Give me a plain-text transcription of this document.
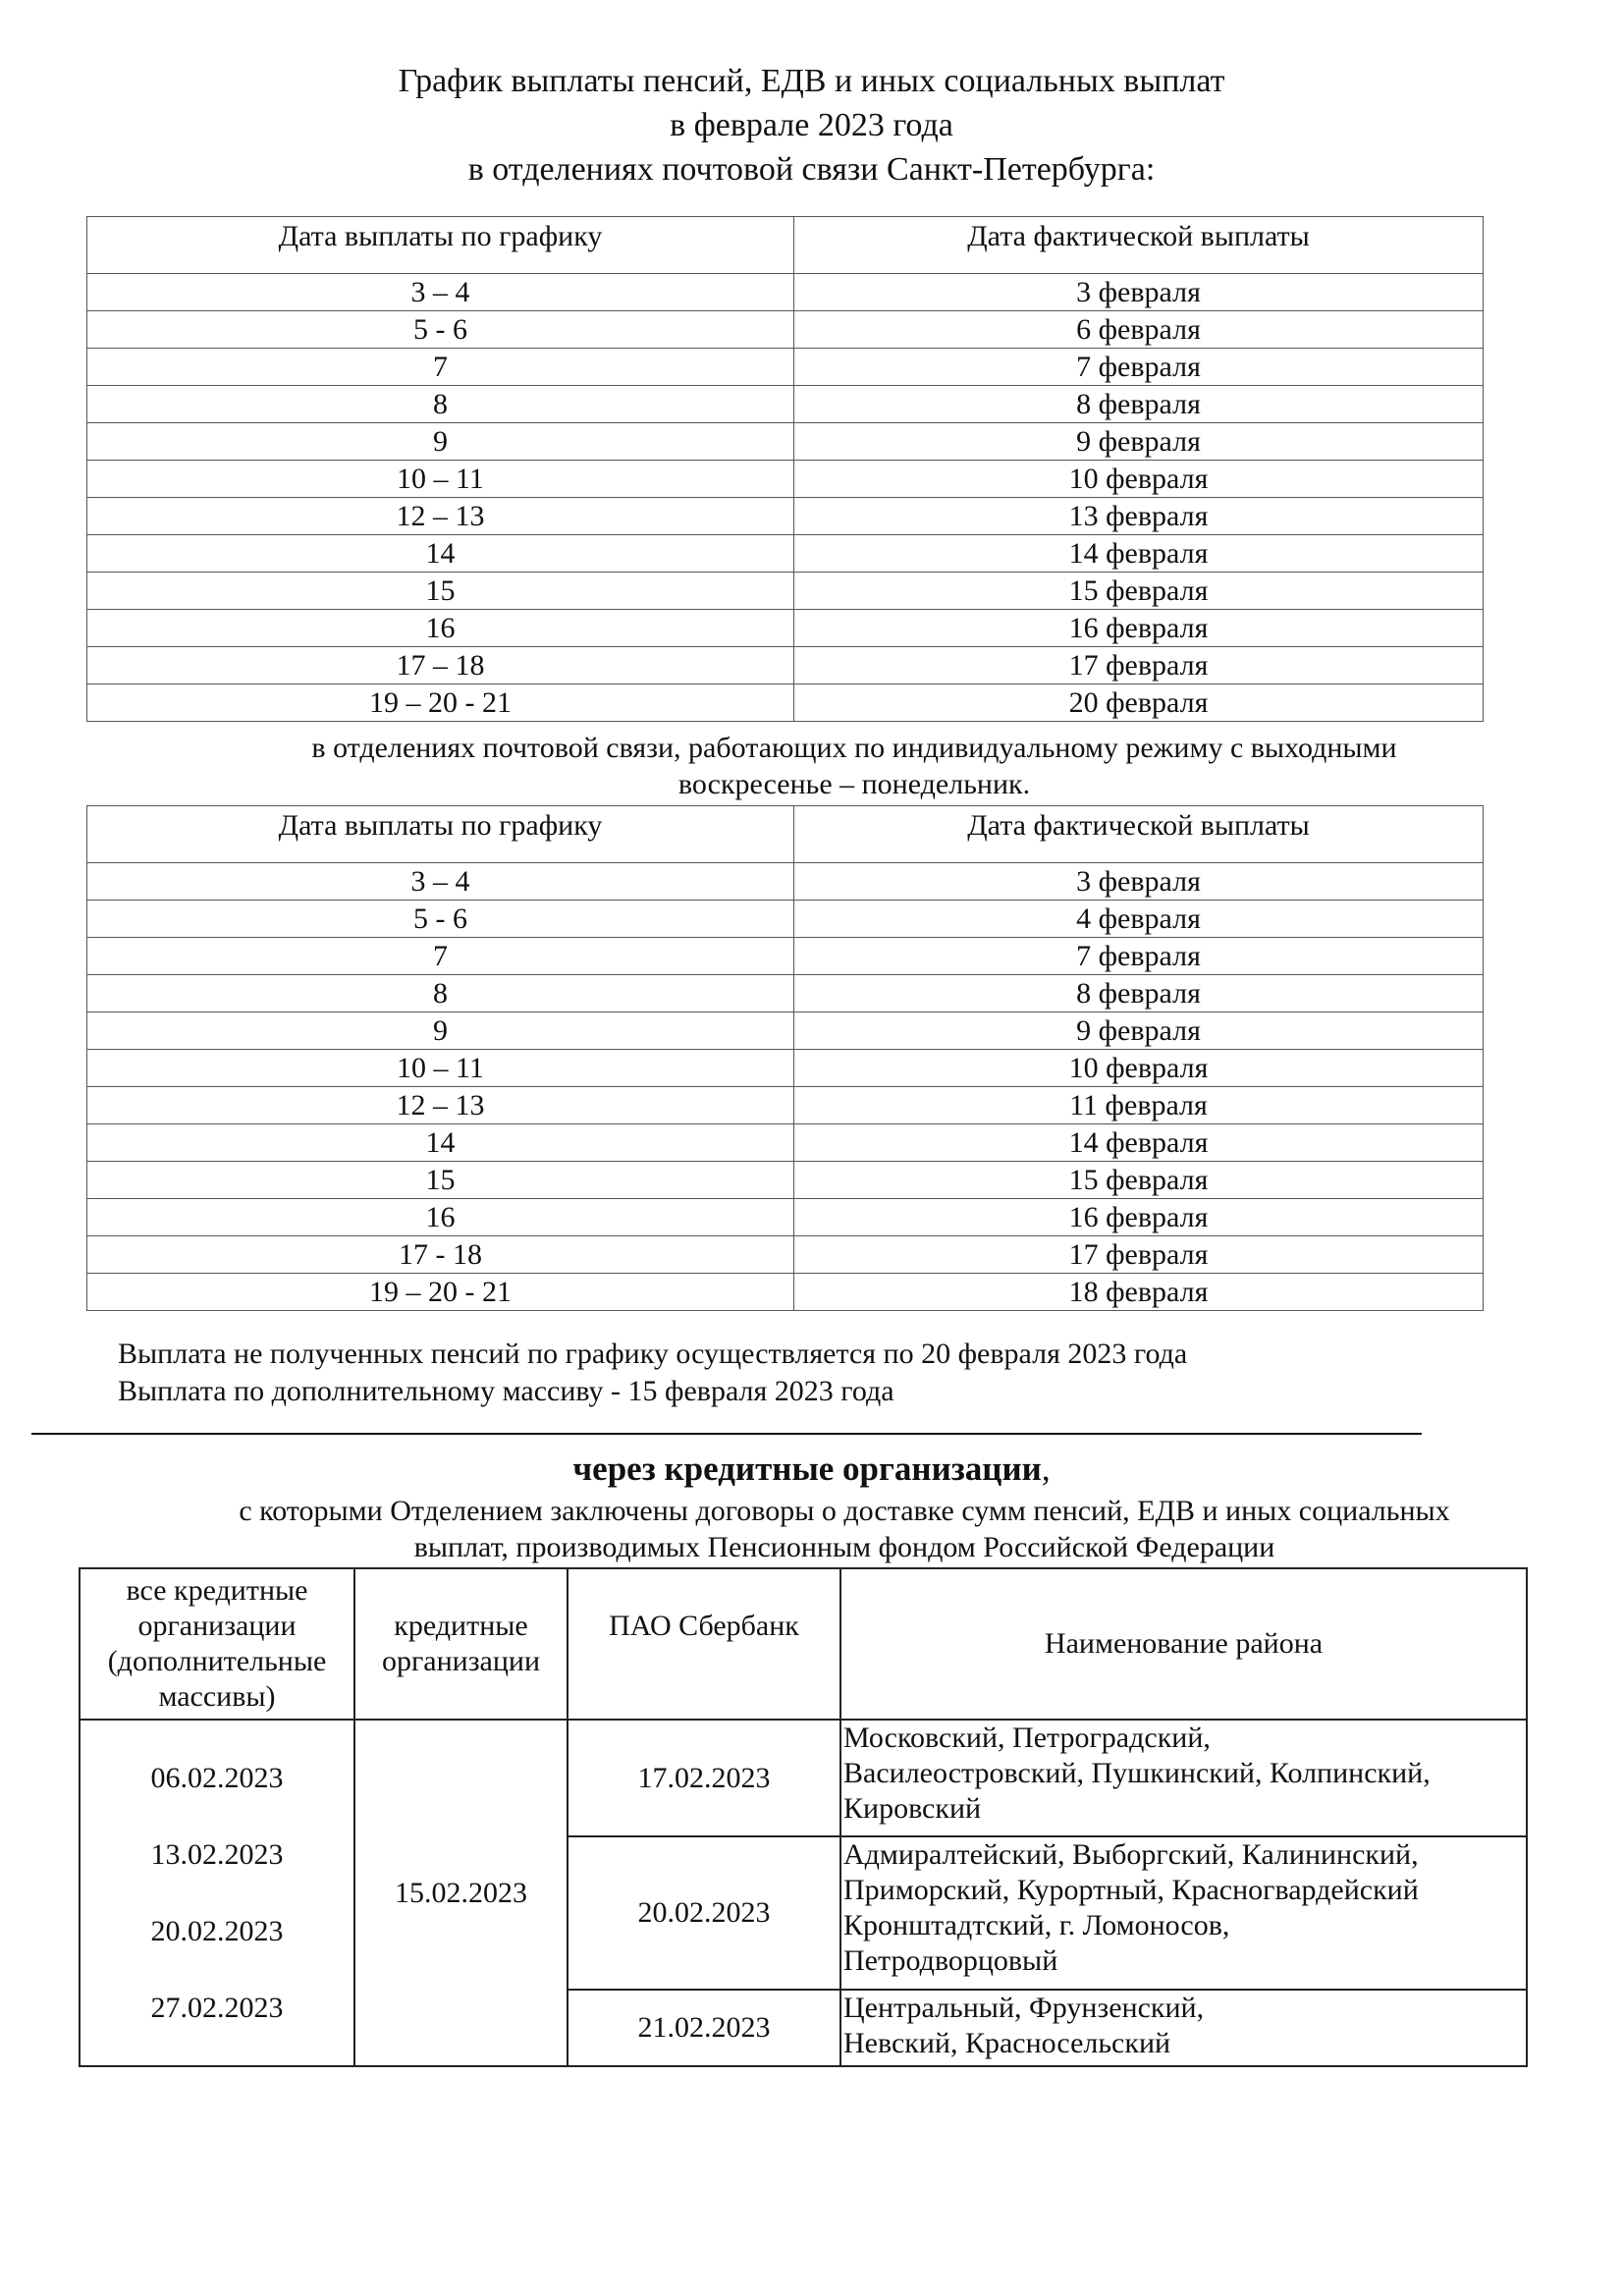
График выплаты пенсий, ЕДВ и иных социальных выплат
в феврале 2023 года
в отделениях почтовой связи Санкт-Петербурга:
Дата выплаты по графику	Дата фактической выплаты
3 – 4	3 февраля
5 - 6	6 февраля
7	7 февраля
8	8 февраля
9	9 февраля
10 – 11	10 февраля
12 – 13	13 февраля
14	14 февраля
15	15 февраля
16	16 февраля
17 – 18	17 февраля
19 – 20 - 21	20 февраля
в отделениях почтовой связи, работающих по индивидуальному режиму с выходными
воскресенье – понедельник.
Дата выплаты по графику	Дата фактической выплаты
3 – 4	3 февраля
5 - 6	4 февраля
7	7 февраля
8	8 февраля
9	9 февраля
10 – 11	10 февраля
12 – 13	11 февраля
14	14 февраля
15	15 февраля
16	16 февраля
17 - 18	17 февраля
19 – 20 - 21	18 февраля
Выплата не полученных пенсий по графику осуществляется по 20 февраля 2023 года
Выплата по дополнительному массиву - 15 февраля 2023 года
через кредитные организации,
с которыми Отделением заключены договоры о доставке сумм пенсий, ЕДВ и иных социальных
выплат, производимых Пенсионным фондом Российской Федерации
все кредитные
организации
(дополнительные
массивы)	кредитные
организации	ПАО Сбербанк	Наименование района

06.02.2023
13.02.2023
20.02.2023
27.02.2023	15.02.2023	17.02.2023	Московский, Петроградский,
Василеостровский, Пушкинский, Колпинский,
Кировский

		20.02.2023	Адмиралтейский, Выборгский, Калининский,
Приморский, Курортный, Красногвардейский
Кронштадтский, г. Ломоносов,
Петродворцовый

		21.02.2023	Центральный, Фрунзенский,
Невский, Красносельский
